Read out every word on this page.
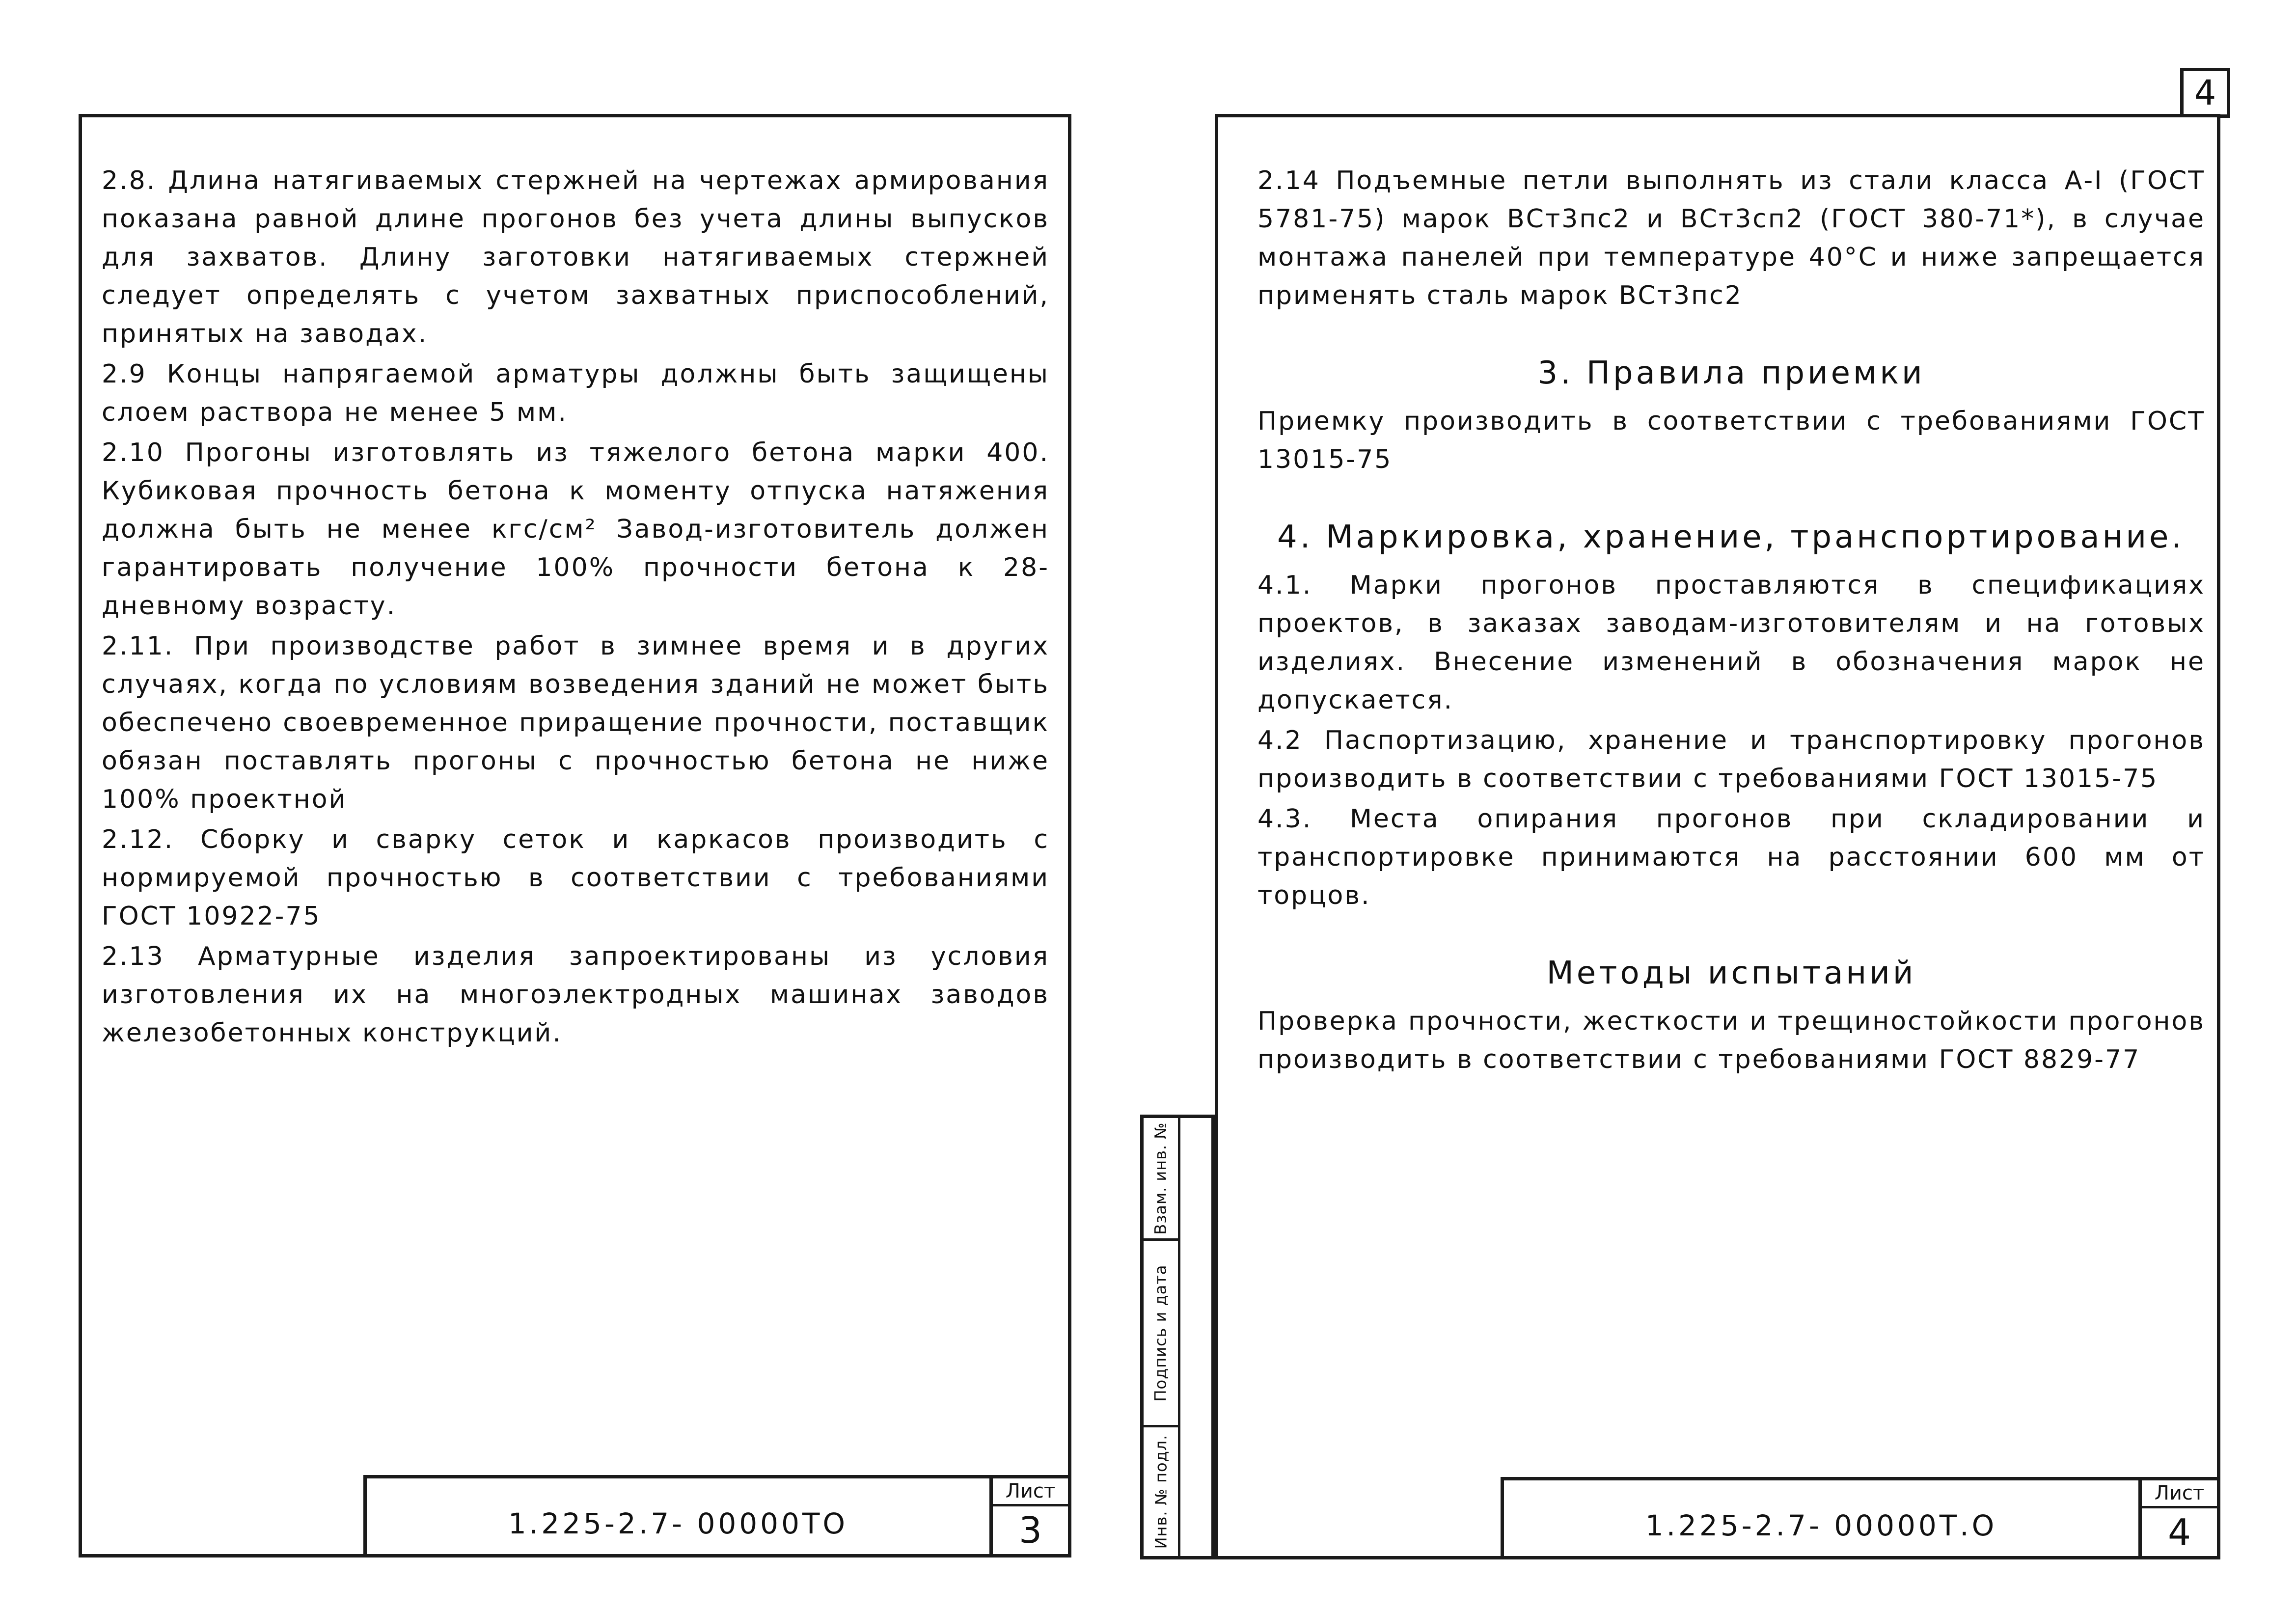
4

2.8. Длина натягиваемых стержней на чертежах армирования показана равной длине прогонов без учета длины выпусков для захватов. Длину заготовки натягиваемых стержней следует определять с учетом захватных приспособлений, принятых на заводах.

2.9 Концы напрягаемой арматуры должны быть защищены слоем раствора не менее 5 мм.

2.10 Прогоны изготовлять из тяжелого бетона марки 400. Кубиковая прочность бетона к моменту отпуска натяжения должна быть не менее кгс/см² Завод-изготовитель должен гарантировать получение 100% прочности бетона к 28-дневному возрасту.

2.11. При производстве работ в зимнее время и в других случаях, когда по условиям возведения зданий не может быть обеспечено своевременное приращение прочности, поставщик обязан поставлять прогоны с прочностью бетона не ниже 100% проектной

2.12. Сборку и сварку сеток и каркасов производить с нормируемой прочностью в соответствии с требованиями ГОСТ 10922-75

2.13 Арматурные изделия запроектированы из условия изготовления их на многоэлектродных машинах заводов железобетонных конструкций.

1.225-2.7- 00000ТО
Лист
3
Взам. инв. №
Подпись и дата
Инв. № подл.

2.14 Подъемные петли выполнять из стали класса А-I (ГОСТ 5781-75) марок ВСт3пс2 и ВСт3сп2 (ГОСТ 380-71*), в случае монтажа панелей при температуре 40°С и ниже запрещается применять сталь марок ВСт3пс2

3. Правила приемки

Приемку производить в соответствии с требованиями ГОСТ 13015-75

4. Маркировка, хранение, транспортирование.

4.1. Марки прогонов проставляются в спецификациях проектов, в заказах заводам-изготовителям и на готовых изделиях. Внесение изменений в обозначения марок не допускается.

4.2 Паспортизацию, хранение и транспортировку прогонов производить в соответствии с требованиями ГОСТ 13015-75

4.3. Места опирания прогонов при складировании и транспортировке принимаются на расстоянии 600 мм от торцов.

Методы испытаний

Проверка прочности, жесткости и трещиностойкости прогонов производить в соответствии с требованиями ГОСТ 8829-77

1.225-2.7- 00000Т.О
Лист
4
